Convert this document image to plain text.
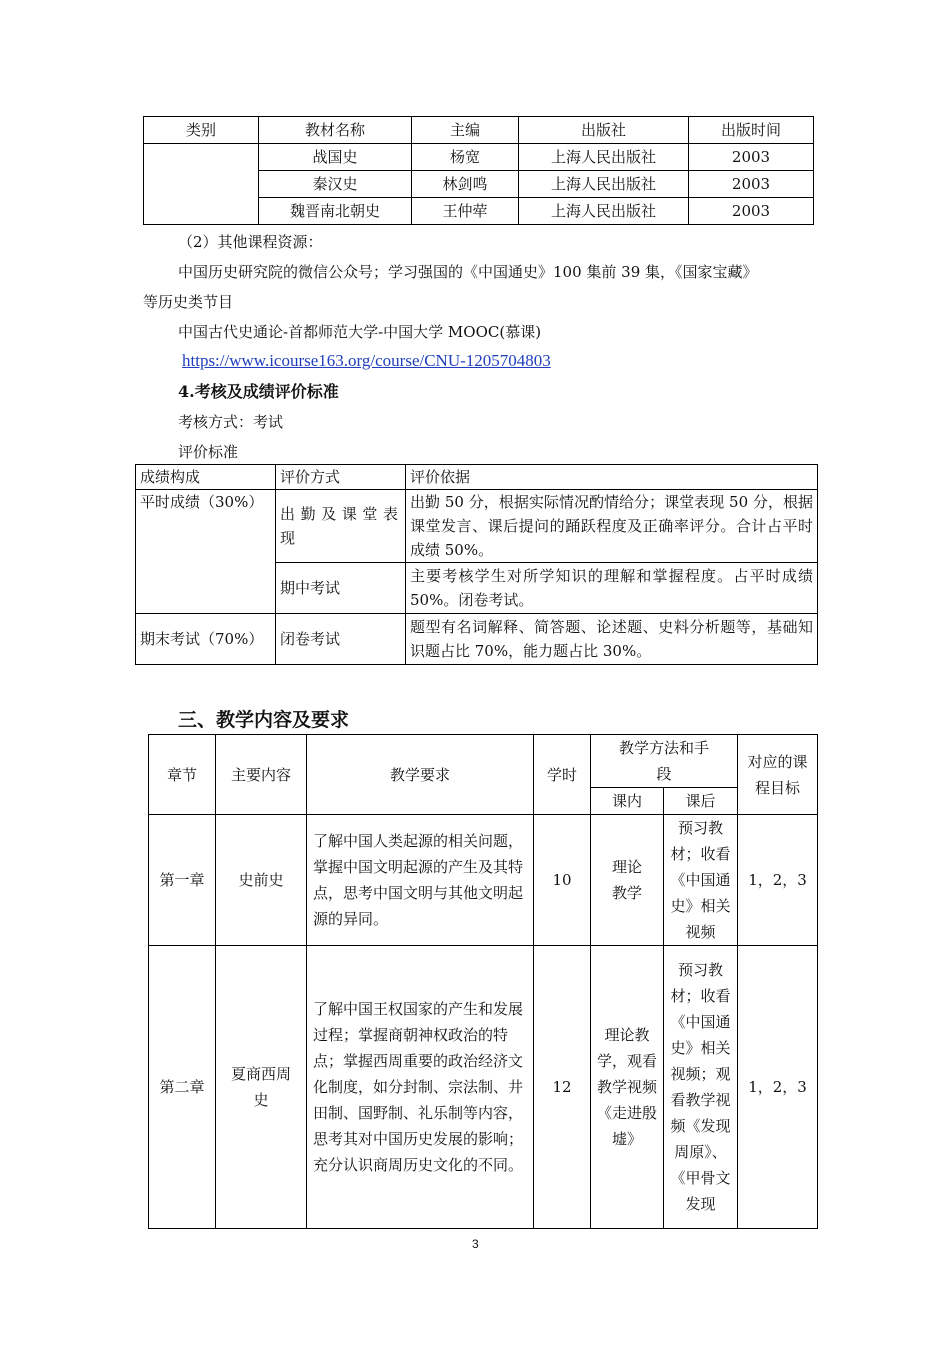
类别	教材名称	主编	出版社	出版时间
	战国史	杨宽	上海人民出版社	2003
	秦汉史	林剑鸣	上海人民出版社	2003
	魏晋南北朝史	王仲荦	上海人民出版社	2003
（2）其他课程资源：
中国历史研究院的微信公众号；学习强国的《中国通史》100 集前 39 集，《国家宝藏》
等历史类节目
中国古代史通论-首都师范大学-中国大学 MOOC(慕课)
https://www.icourse163.org/course/CNU-1205704803
4.考核及成绩评价标准
考核方式：考试
评价标准
成绩构成	评价方式	评价依据
平时成绩（30%）	出勤及课堂表现	出勤 50 分，根据实际情况酌情给分；课堂表现 50 分，根据课堂发言、课后提问的踊跃程度及正确率评分。合计占平时成绩 50%。
	期中考试	主要考核学生对所学知识的理解和掌握程度。占平时成绩 50%。闭卷考试。
期末考试（70%）	闭卷考试	题型有名词解释、简答题、论述题、史料分析题等，基础知识题占比 70%，能力题占比 30%。
三、教学内容及要求
章节	主要内容	教学要求	学时	教学方法和手段		对应的课程目标
				课内	课后	
第一章	史前史	了解中国人类起源的相关问题，掌握中国文明起源的产生及其特点，思考中国文明与其他文明起源的异同。	10	理论教学	预习教材；收看《中国通史》相关视频	1，2，3
第二章	夏商西周史	了解中国王权国家的产生和发展过程；掌握商朝神权政治的特点；掌握西周重要的政治经济文化制度，如分封制、宗法制、井田制、国野制、礼乐制等内容，思考其对中国历史发展的影响；充分认识商周历史文化的不同。	12	理论教学，观看教学视频《走进殷墟》	预习教材；收看《中国通史》相关视频；观看教学视频《发现周原》、《甲骨文发现	1，2，3
3
